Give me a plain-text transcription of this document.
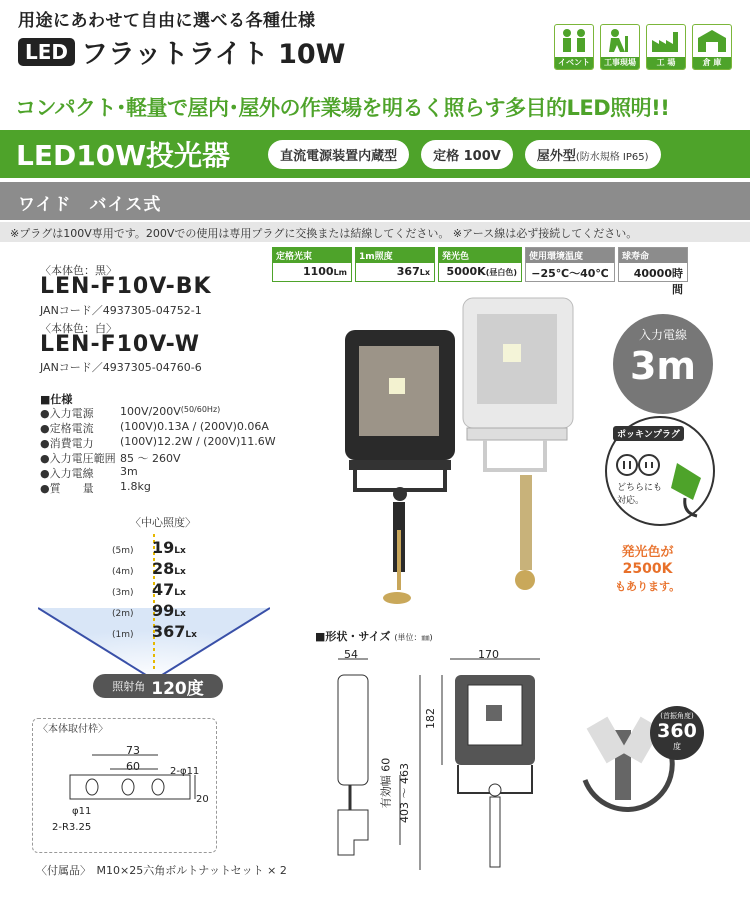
用途にあわせて自由に選べる各種仕様
LED フラットライト 10W	イベント	工事現場	工 場	倉 庫
コンパクト･軽量で屋内･屋外の作業場を明るく照らす多目的LED照明!!
LED10W投光器	直流電源装置内蔵型	定格 100V	屋外型(防水規格 IP65)
ワイド　バイス式
※プラグは100V専用です。200Vでの使用は専用プラグに交換または結線してください。 ※アース線は必ず接続してください。
定格光束
1100Lm
1m照度
367Lx
発光色
5000K(昼白色)
使用環境温度
−25℃〜40℃
球寿命
40000時間
〈本体色：黒〉
LEN-F10V-BK
JANコード／4937305-04752-1
〈本体色：白〉
LEN-F10V-W
JANコード／4937305-04760-6
■仕様
●入力電源	100V/200V (50/60Hz)
●定格電流	(100V)0.13A / (200V)0.06A
●消費電力	(100V)12.2W / (200V)11.6W
●入力電圧範囲 85 〜 260V
●入力電線	3m
●質　　量	1.8kg
入力電線
3m
ポッキンプラグ
どちらにも対応。
発光色が
2500K
もあります。
〈中心照度〉
(5m)	19 Lx
(4m)	28 Lx
(3m)	47 Lx
(2m)	99 Lx
(1m)	367 Lx
照射角 120度
〈本体取付枠〉
73
60	2-φ11
φ11
2-R3.25
20
〈付属品〉　M10×25六角ボルトナットセット × 2
■形状・サイズ (単位：㎜)
54	170
182
有効幅 60 403 〜 463
(首振角度)
360
度
